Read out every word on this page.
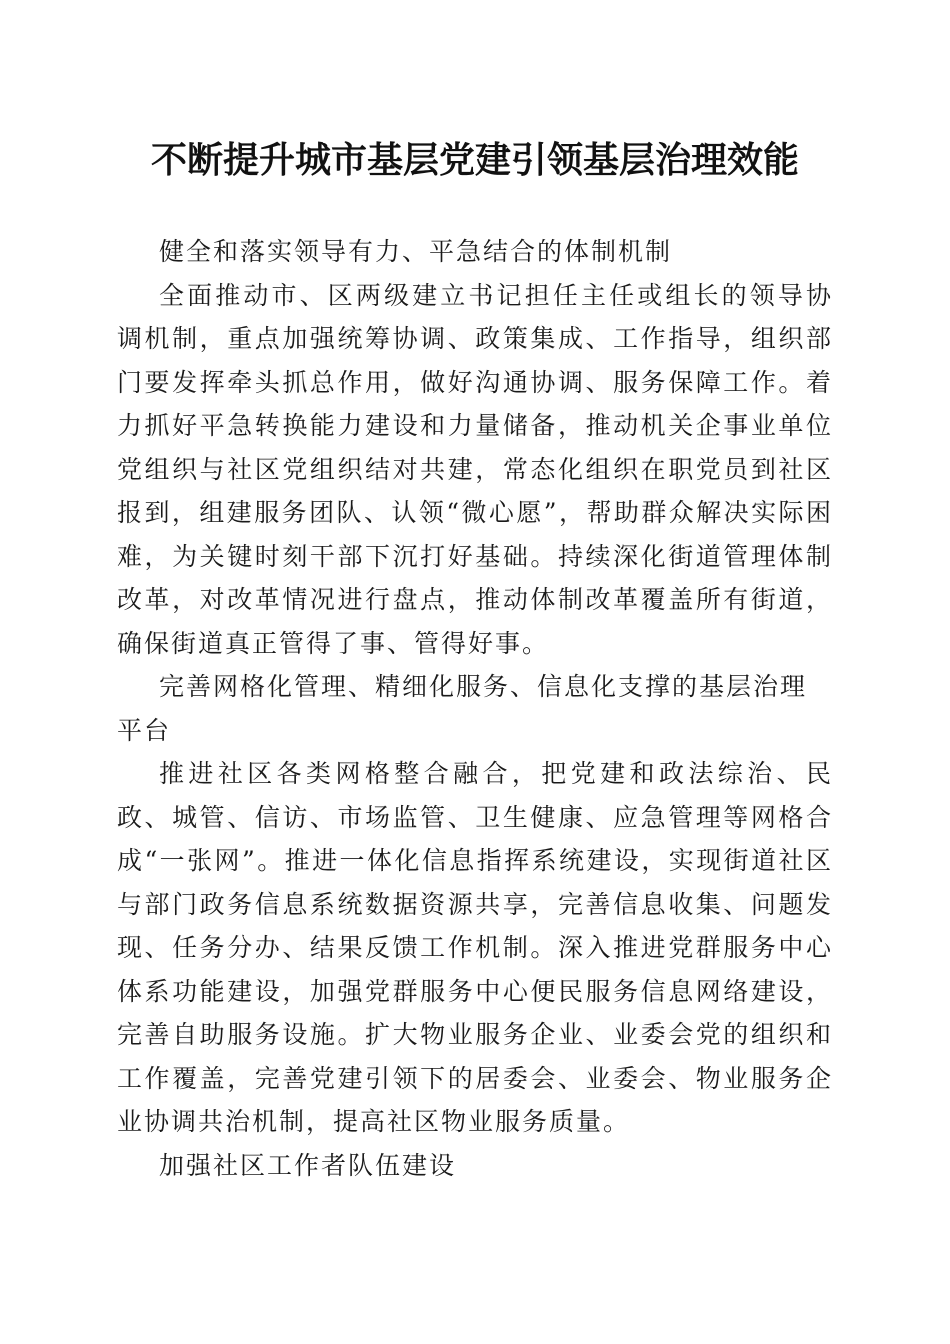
不断提升城市基层党建引领基层治理效能

健全和落实领导有力、平急结合的体制机制

全面推动市、区两级建立书记担任主任或组长的领导协调机制，重点加强统筹协调、政策集成、工作指导，组织部门要发挥牵头抓总作用，做好沟通协调、服务保障工作。着力抓好平急转换能力建设和力量储备，推动机关企事业单位党组织与社区党组织结对共建，常态化组织在职党员到社区报到，组建服务团队、认领“微心愿”，帮助群众解决实际困难，为关键时刻干部下沉打好基础。持续深化街道管理体制改革，对改革情况进行盘点，推动体制改革覆盖所有街道，确保街道真正管得了事、管得好事。

完善网格化管理、精细化服务、信息化支撑的基层治理平台

推进社区各类网格整合融合，把党建和政法综治、民政、城管、信访、市场监管、卫生健康、应急管理等网格合成“一张网”。推进一体化信息指挥系统建设，实现街道社区与部门政务信息系统数据资源共享，完善信息收集、问题发现、任务分办、结果反馈工作机制。深入推进党群服务中心体系功能建设，加强党群服务中心便民服务信息网络建设，完善自助服务设施。扩大物业服务企业、业委会党的组织和工作覆盖，完善党建引领下的居委会、业委会、物业服务企业协调共治机制，提高社区物业服务质量。

加强社区工作者队伍建设
